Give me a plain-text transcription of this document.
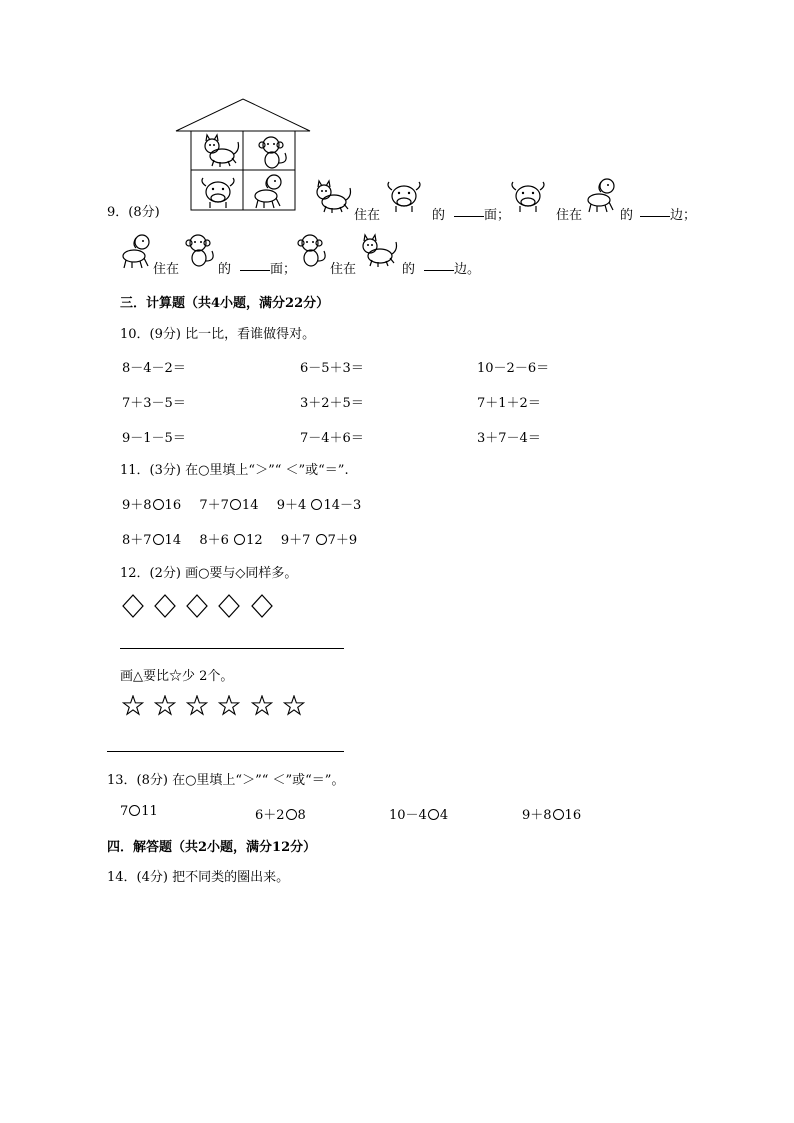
9．(8分)	住在	的	面；	住在	的	边；
住在	的	面；	住在	的	边。
三．计算题（共4小题，满分22分）
10．(9分) 比一比，看谁做得对。
8－4－2＝	6－5＋3＝	10－2－6＝
7＋3－5＝	3＋2＋5＝	7＋1＋2＝
9－1－5＝	7－4＋6＝	3＋7－4＝
11．(3分) 在○里填上“＞”“ ＜”或“＝”.
9＋8 16 7＋7 14 9＋4 14－3
8＋7 14 8＋6 12 9＋7 7＋9
12．(2分) 画○要与◇同样多。

画△要比☆少 2个。

13．(8分) 在○里填上“＞”“ ＜”或“＝”。
7 11	6＋2 8	10－4 4	9＋8 16
四．解答题（共2小题，满分12分）
14．(4分) 把不同类的圈出来。
